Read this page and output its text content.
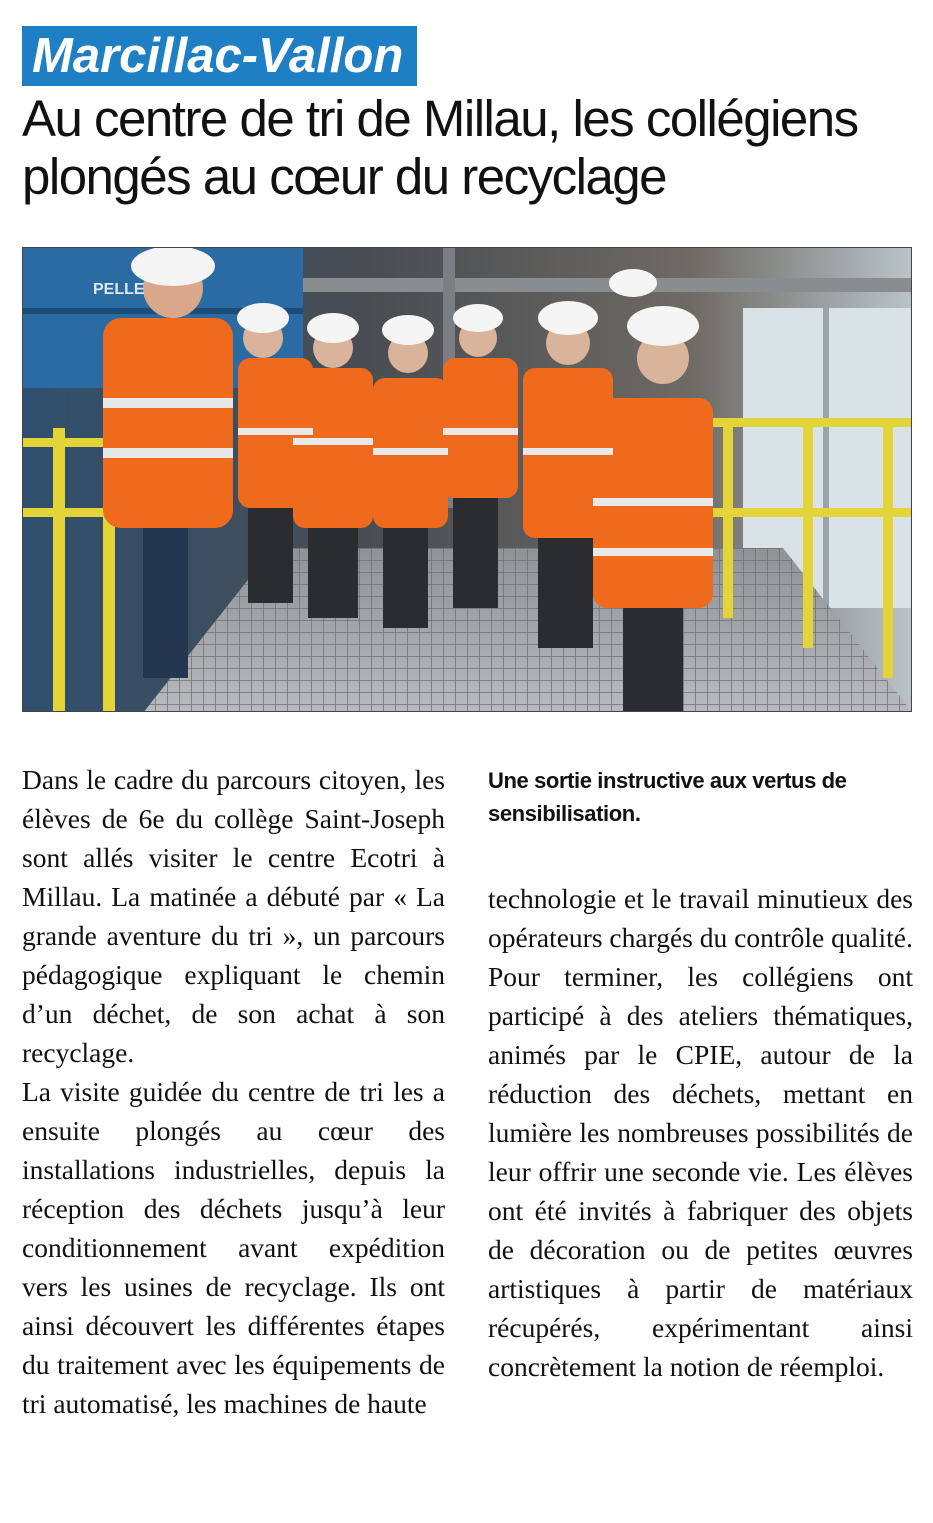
Marcillac-Vallon
Au centre de tri de Millau, les collégiens plongés au cœur du recyclage
PELLE

Une sortie instructive aux vertus de sensibilisation.

Dans le cadre du parcours citoyen, les élèves de 6e du collège Saint-Joseph sont allés visiter le centre Ecotri à Millau. La matinée a débuté par « La grande aventure du tri », un parcours pédagogique expliquant le chemin d’un déchet, de son achat à son recyclage.

La visite guidée du centre de tri les a ensuite plongés au cœur des installations industrielles, depuis la réception des déchets jusqu’à leur conditionnement avant expédition vers les usines de recyclage. Ils ont ainsi découvert les différentes étapes du traitement avec les équipements de tri automatisé, les machines de haute

technologie et le travail minutieux des opérateurs chargés du contrôle qualité.

Pour terminer, les collégiens ont participé à des ateliers thématiques, animés par le CPIE, autour de la réduction des déchets, mettant en lumière les nombreuses possibilités de leur offrir une seconde vie. Les élèves ont été invités à fabriquer des objets de décoration ou de petites œuvres artistiques à partir de matériaux récupérés, expérimentant ainsi concrètement la notion de réemploi.
